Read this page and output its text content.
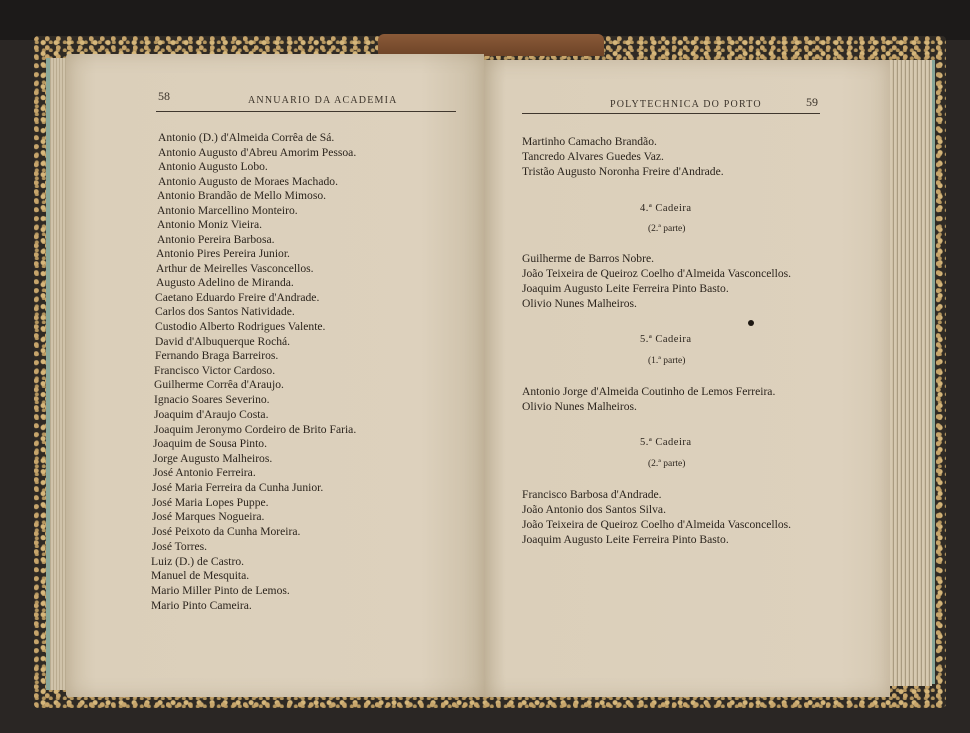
58	ANNUARIO DA ACADEMIA
Antonio (D.) d'Almeida Corrêa de Sá.
Antonio Augusto d'Abreu Amorim Pessoa.
Antonio Augusto Lobo.
Antonio Augusto de Moraes Machado.
Antonio Brandão de Mello Mimoso.
Antonio Marcellino Monteiro.
Antonio Moniz Vieira.
Antonio Pereira Barbosa.
Antonio Pires Pereira Junior.
Arthur de Meirelles Vasconcellos.
Augusto Adelino de Miranda.
Caetano Eduardo Freire d'Andrade.
Carlos dos Santos Natividade.
Custodio Alberto Rodrigues Valente.
David d'Albuquerque Rochá.
Fernando Braga Barreiros.
Francisco Victor Cardoso.
Guilherme Corrêa d'Araujo.
Ignacio Soares Severino.
Joaquim d'Araujo Costa.
Joaquim Jeronymo Cordeiro de Brito Faria.
Joaquim de Sousa Pinto.
Jorge Augusto Malheiros.
José Antonio Ferreira.
José Maria Ferreira da Cunha Junior.
José Maria Lopes Puppe.
José Marques Nogueira.
José Peixoto da Cunha Moreira.
José Torres.
Luiz (D.) de Castro.
Manuel de Mesquita.
Mario Miller Pinto de Lemos.
Mario Pinto Cameira.
POLYTECHNICA DO PORTO	59
Martinho Camacho Brandão.
Tancredo Alvares Guedes Vaz.
Tristão Augusto Noronha Freire d'Andrade.
4.ª Cadeira
(2.ª parte)
Guilherme de Barros Nobre.
João Teixeira de Queiroz Coelho d'Almeida Vasconcellos.
Joaquim Augusto Leite Ferreira Pinto Basto.
Olivio Nunes Malheiros.
5.ª Cadeira
(1.ª parte)
Antonio Jorge d'Almeida Coutinho de Lemos Ferreira.
Olivio Nunes Malheiros.
5.ª Cadeira
(2.ª parte)
Francisco Barbosa d'Andrade.
João Antonio dos Santos Silva.
João Teixeira de Queiroz Coelho d'Almeida Vasconcellos.
Joaquim Augusto Leite Ferreira Pinto Basto.
